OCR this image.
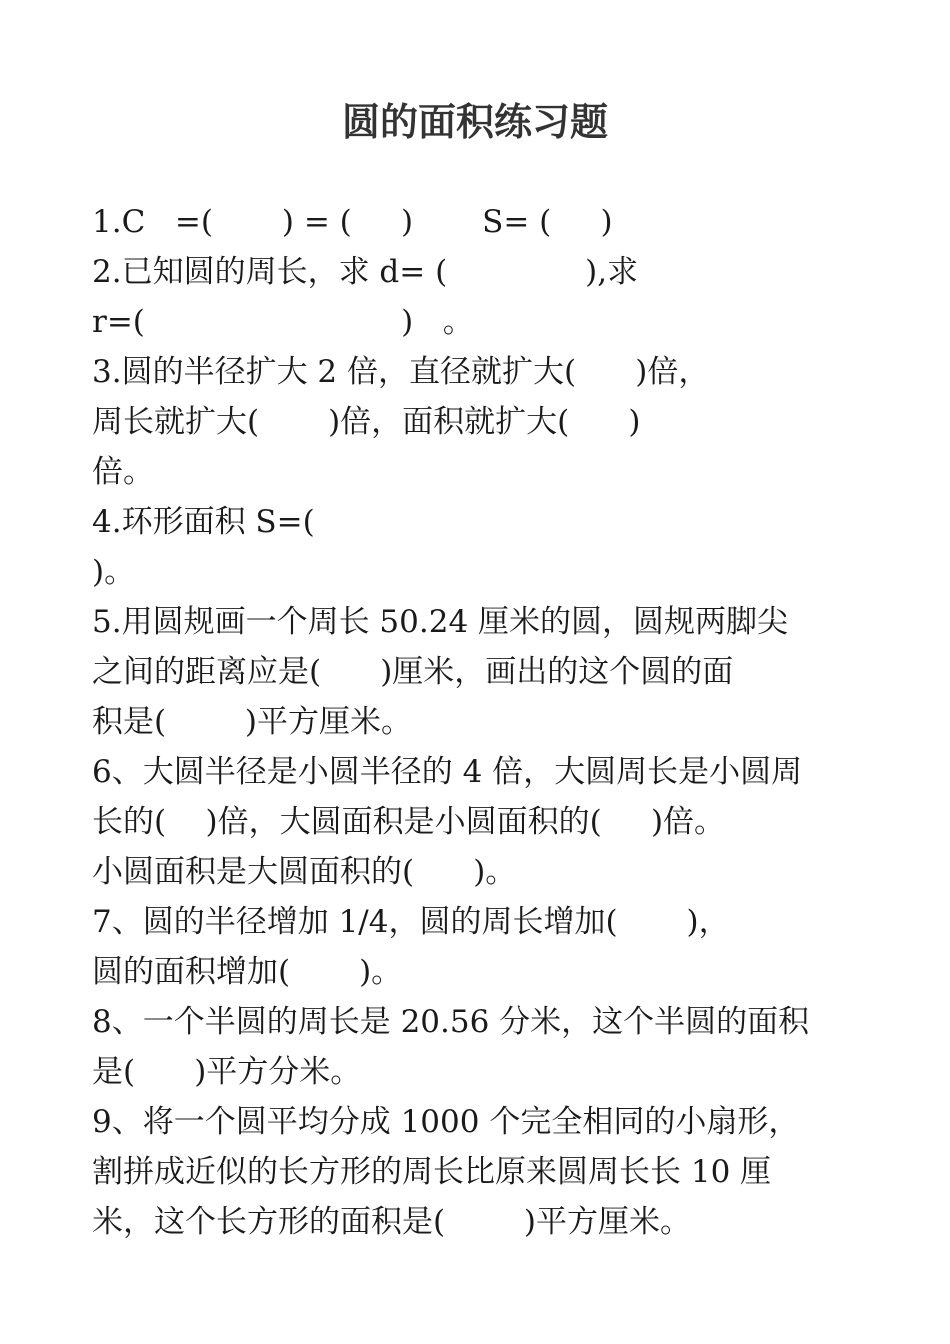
圆的面积练习题
1.C   =(       ) = (     )       S= (     )
2.已知圆的周长，求 d= (              ),求
r=(                          )   。
3.圆的半径扩大 2 倍，直径就扩大(      )倍，
周长就扩大(       )倍，面积就扩大(      )
倍。
4.环形面积 S=(
)。
5.用圆规画一个周长 50.24 厘米的圆，圆规两脚尖
之间的距离应是(      )厘米，画出的这个圆的面
积是(        )平方厘米。
6、大圆半径是小圆半径的 4 倍，大圆周长是小圆周
长的(    )倍，大圆面积是小圆面积的(     )倍。
小圆面积是大圆面积的(      )。
7、圆的半径增加 1/4，圆的周长增加(       )，
圆的面积增加(       )。
8、一个半圆的周长是 20.56 分米，这个半圆的面积
是(      )平方分米。
9、将一个圆平均分成 1000 个完全相同的小扇形，
割拼成近似的长方形的周长比原来圆周长长 10 厘
米，这个长方形的面积是(        )平方厘米。
